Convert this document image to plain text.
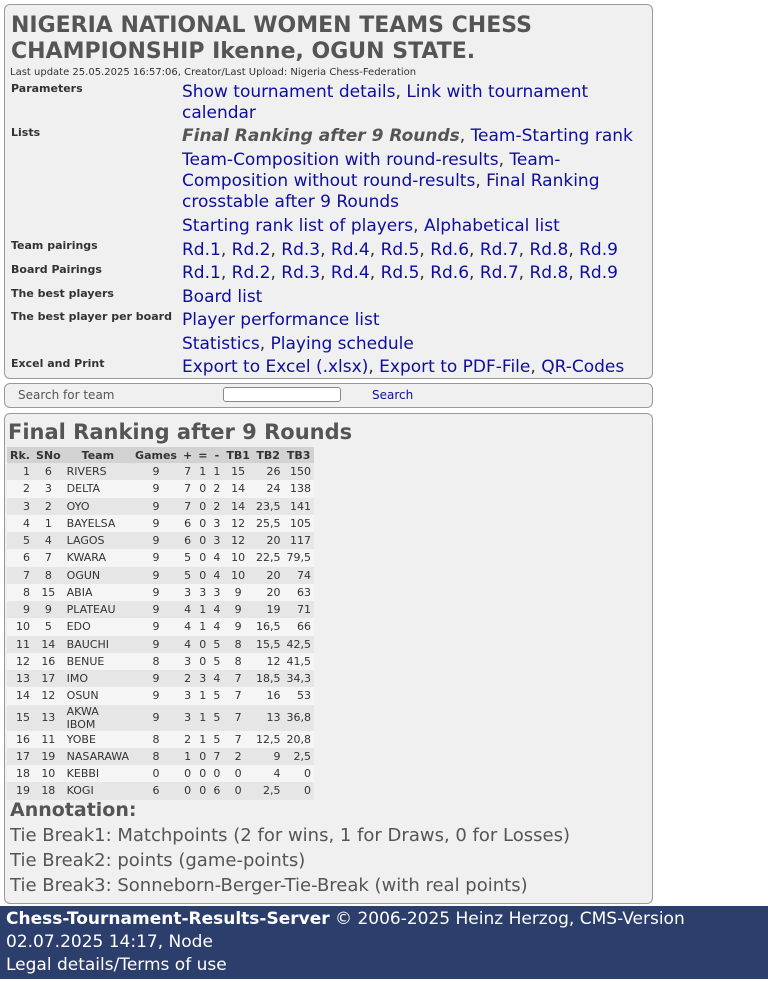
NIGERIA NATIONAL WOMEN TEAMS CHESS CHAMPIONSHIP Ikenne, OGUN STATE.
Last update 25.05.2025 16:57:06, Creator/Last Upload: Nigeria Chess-Federation
Parameters	Show tournament details, Link with tournament calendar
Lists	Final Ranking after 9 Rounds, Team-Starting rank
Team-Composition with round-results, Team-Composition without round-results, Final Ranking crosstable after 9 Rounds
Starting rank list of players, Alphabetical list
Team pairings	Rd.1, Rd.2, Rd.3, Rd.4, Rd.5, Rd.6, Rd.7, Rd.8, Rd.9
Board Pairings	Rd.1, Rd.2, Rd.3, Rd.4, Rd.5, Rd.6, Rd.7, Rd.8, Rd.9
The best players	Board list
The best player per board Player performance list
Statistics, Playing schedule
Excel and Print	Export to Excel (.xlsx), Export to PDF-File, QR-Codes
Search for team	Search
Final Ranking after 9 Rounds
Rk.	SNo	Team	Games	+	=	-	TB1	TB2	TB3
1	6	RIVERS	9	7	1	1	15	26	150
2	3	DELTA	9	7	0	2	14	24	138
3	2	OYO	9	7	0	2	14	23,5	141
4	1	BAYELSA	9	6	0	3	12	25,5	105
5	4	LAGOS	9	6	0	3	12	20	117
6	7	KWARA	9	5	0	4	10	22,5	79,5
7	8	OGUN	9	5	0	4	10	20	74
8	15	ABIA	9	3	3	3	9	20	63
9	9	PLATEAU	9	4	1	4	9	19	71
10	5	EDO	9	4	1	4	9	16,5	66
11	14	BAUCHI	9	4	0	5	8	15,5	42,5
12	16	BENUE	8	3	0	5	8	12	41,5
13	17	IMO	9	2	3	4	7	18,5	34,3
14	12	OSUN	9	3	1	5	7	16	53
15	13	AKWA IBOM	9	3	1	5	7	13	36,8
16	11	YOBE	8	2	1	5	7	12,5	20,8
17	19	NASARAWA	8	1	0	7	2	9	2,5
18	10	KEBBI	0	0	0	0	0	4	0
19	18	KOGI	6	0	0	6	0	2,5	0
Annotation:
Tie Break1: Matchpoints (2 for wins, 1 for Draws, 0 for Losses)
Tie Break2: points (game-points)
Tie Break3: Sonneborn-Berger-Tie-Break (with real points)
Chess-Tournament-Results-Server © 2006-2025 Heinz Herzog, CMS-Version 02.07.2025 14:17, Node
Legal details/Terms of use
